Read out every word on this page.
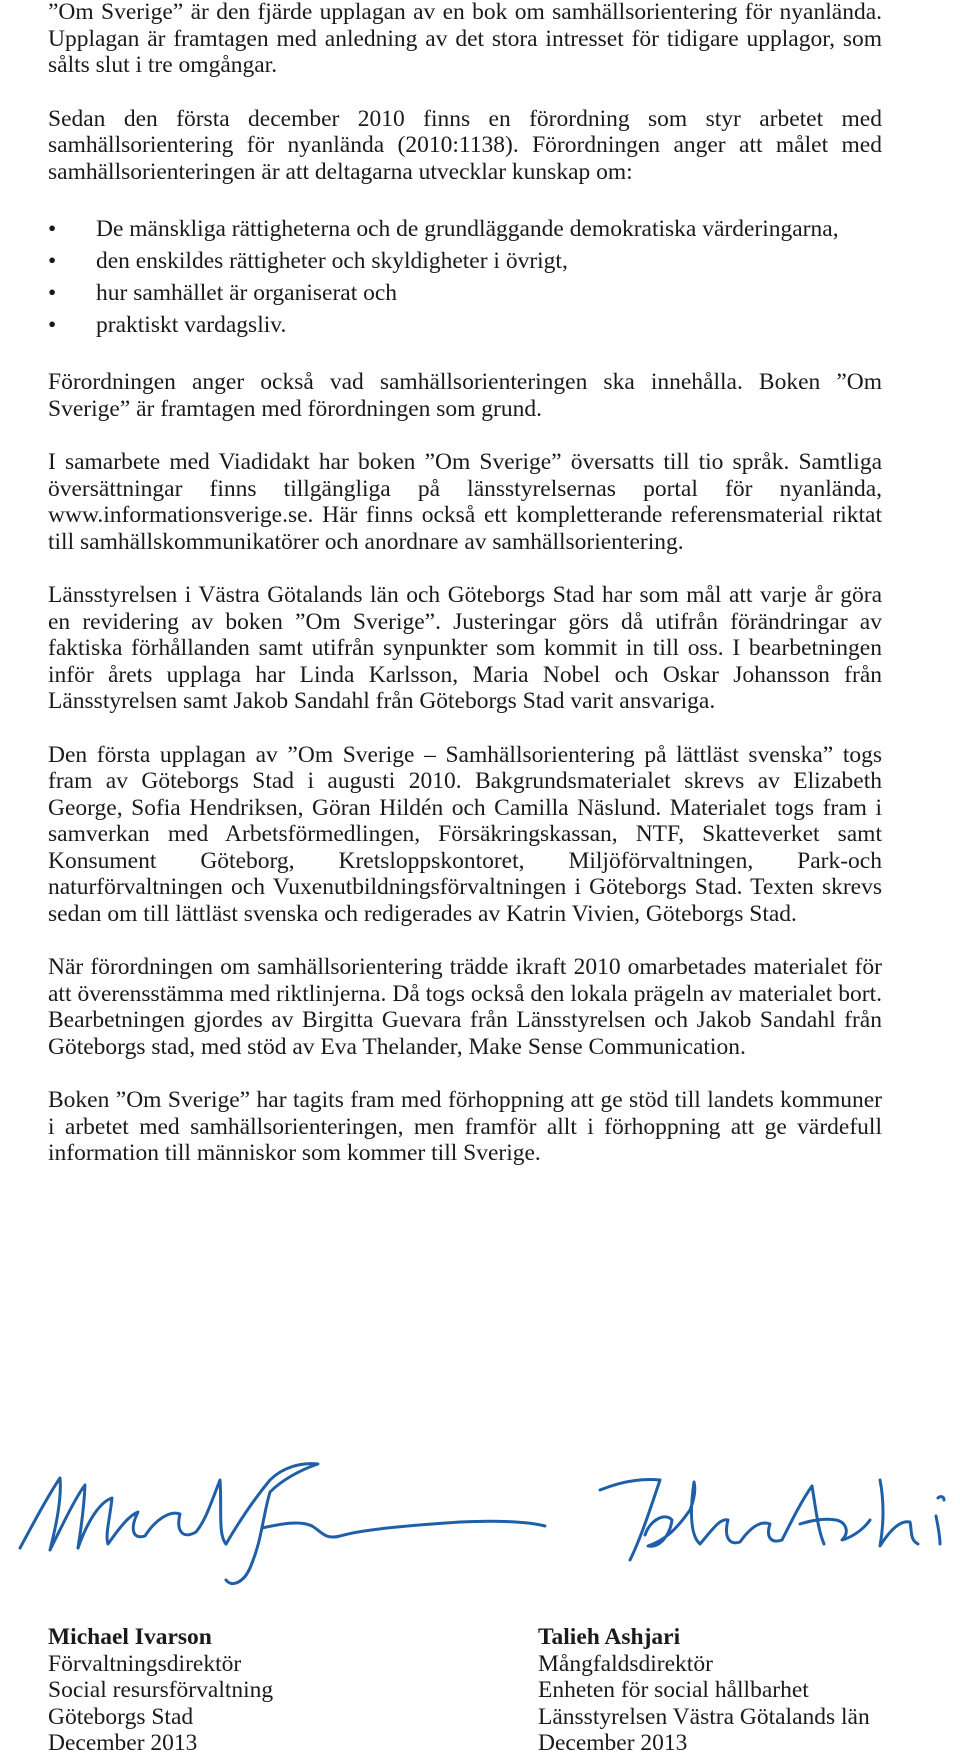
”Om Sverige” är den fjärde upplagan av en bok om samhällsorientering för nyanlända. Upplagan är framtagen med anledning av det stora intresset för tidigare upplagor, som sålts slut i tre omgångar.

Sedan den första december 2010 finns en förordning som styr arbetet med samhällsorientering för nyanlända (2010:1138). Förordningen anger att målet med samhällsorienteringen är att deltagarna utvecklar kunskap om:

•	De mänskliga rättigheterna och de grundläggande demokratiska värderingarna,
•	den enskildes rättigheter och skyldigheter i övrigt,
•	hur samhället är organiserat och
•	praktiskt vardagsliv.

Förordningen anger också vad samhällsorienteringen ska innehålla. Boken ”Om Sverige” är framtagen med förordningen som grund.

I samarbete med Viadidakt har boken ”Om Sverige” översatts till tio språk. Samtliga översättningar finns tillgängliga på länsstyrelsernas portal för nyanlända, www.informationsverige.se. Här finns också ett kompletterande referensmaterial riktat till samhällskommunikatörer och anordnare av samhällsorientering.

Länsstyrelsen i Västra Götalands län och Göteborgs Stad har som mål att varje år göra en revidering av boken ”Om Sverige”. Justeringar görs då utifrån förändringar av faktiska förhållanden samt utifrån synpunkter som kommit in till oss. I bearbetningen inför årets upplaga har Linda Karlsson, Maria Nobel och Oskar Johansson från Länsstyrelsen samt Jakob Sandahl från Göteborgs Stad varit ansvariga.

Den första upplagan av ”Om Sverige – Samhällsorientering på lättläst svenska” togs fram av Göteborgs Stad i augusti 2010. Bakgrundsmaterialet skrevs av Elizabeth George, Sofia Hendriksen, Göran Hildén och Camilla Näslund. Materialet togs fram i samverkan med Arbetsförmedlingen, Försäkringskassan, NTF, Skatteverket samt Konsument Göteborg, Kretsloppskontoret, Miljöförvaltningen, Park-och naturförvaltningen och Vuxenutbildningsförvaltningen i Göteborgs Stad. Texten skrevs sedan om till lättläst svenska och redigerades av Katrin Vivien, Göteborgs Stad.

När förordningen om samhällsorientering trädde ikraft 2010 omarbetades materialet för att överensstämma med riktlinjerna. Då togs också den lokala prägeln av materialet bort. Bearbetningen gjordes av Birgitta Guevara från Länsstyrelsen och Jakob Sandahl från Göteborgs stad, med stöd av Eva Thelander, Make Sense Communication.

Boken ”Om Sverige” har tagits fram med förhoppning att ge stöd till landets kommuner i arbetet med samhällsorienteringen, men framför allt i förhoppning att ge värdefull information till människor som kommer till Sverige.

Michael Ivarson
Förvaltningsdirektör
Social resursförvaltning
Göteborgs Stad
December 2013
Talieh Ashjari
Mångfaldsdirektör
Enheten för social hållbarhet
Länsstyrelsen Västra Götalands län
December 2013
